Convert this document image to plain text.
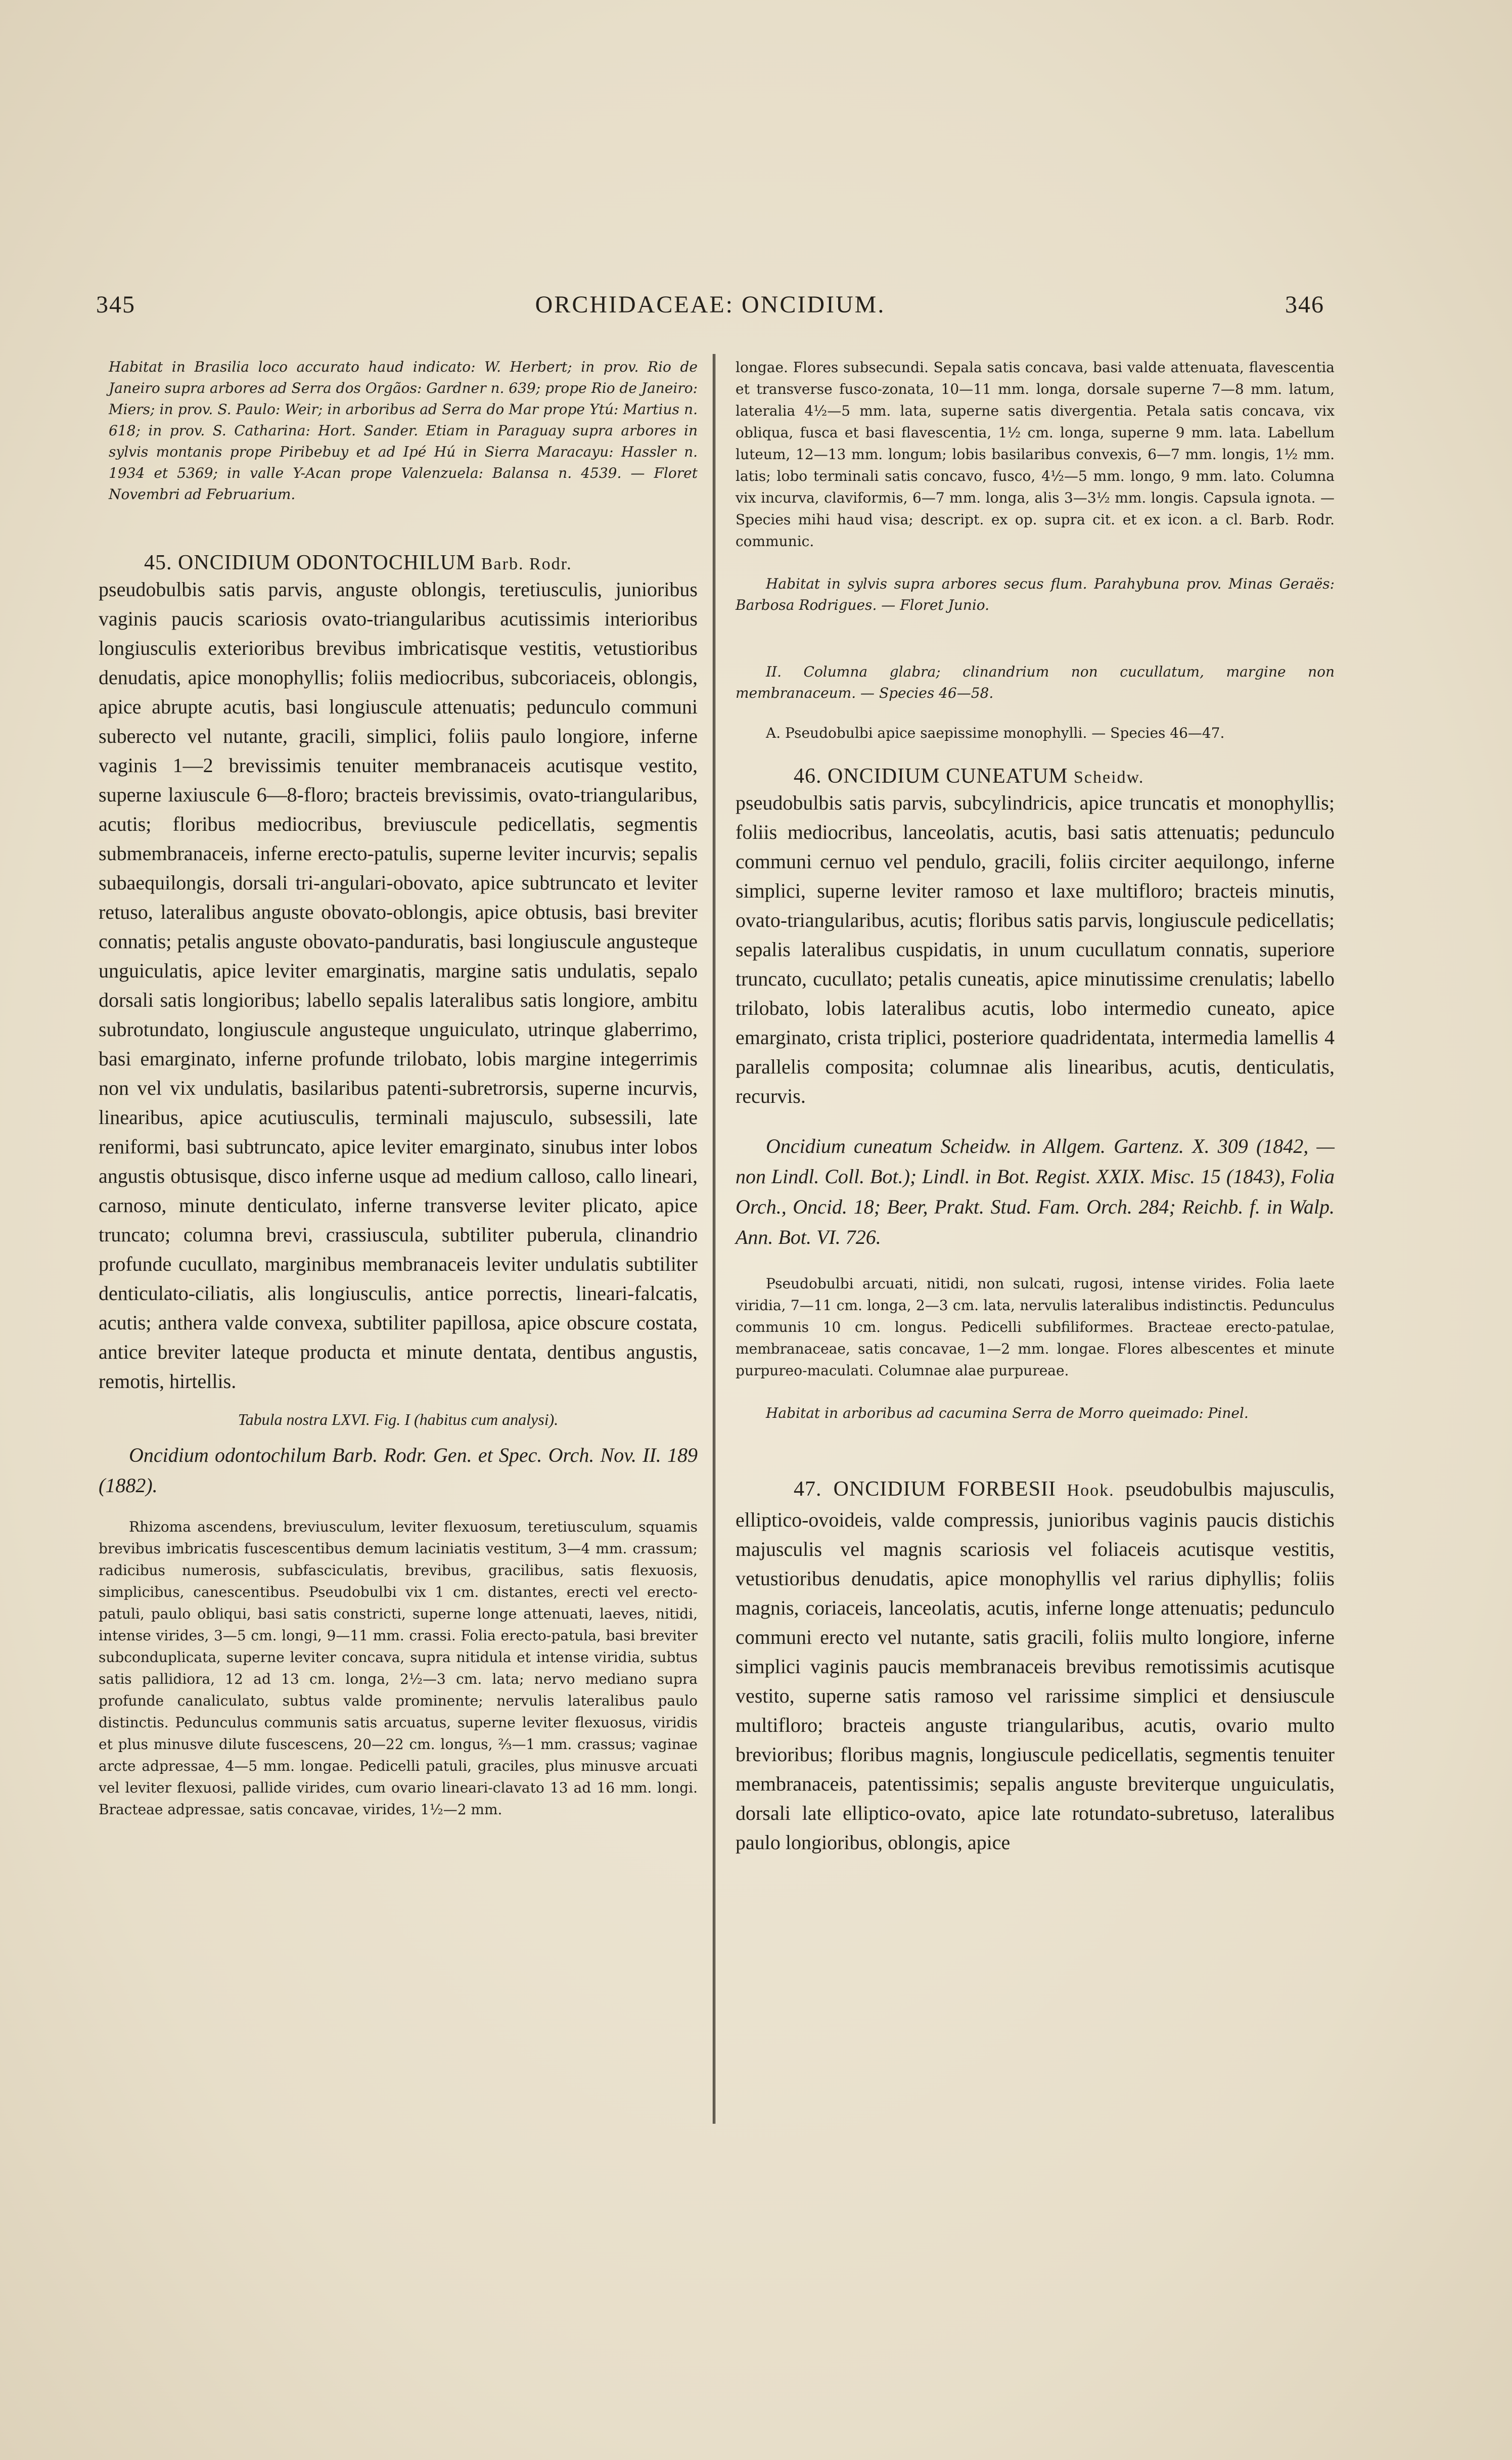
345	ORCHIDACEAE: ONCIDIUM.	346

Habitat in Brasilia loco accurato haud indicato: W. Herbert; in prov. Rio de Janeiro supra arbores ad Serra dos Orgãos: Gardner n. 639; prope Rio de Janeiro: Miers; in prov. S. Paulo: Weir; in arboribus ad Serra do Mar prope Ytú: Martius n. 618; in prov. S. Catharina: Hort. Sander. Etiam in Paraguay supra arbores in sylvis montanis prope Piribebuy et ad Ipé Hú in Sierra Maracayu: Hassler n. 1934 et 5369; in valle Y-Acan prope Valenzuela: Balansa n. 4539. — Floret Novembri ad Februarium.

45. ONCIDIUM ODONTOCHILUM Barb. Rodr.

pseudobulbis satis parvis, anguste oblongis, teretiusculis, junioribus vaginis paucis scariosis ovato-triangularibus acutissimis interioribus longiusculis exterioribus brevibus imbricatisque vestitis, vetustioribus denudatis, apice monophyllis; foliis mediocribus, subcoriaceis, oblongis, apice abrupte acutis, basi longiuscule attenuatis; pedunculo communi suberecto vel nutante, gracili, simplici, foliis paulo longiore, inferne vaginis 1—2 brevissimis tenuiter membranaceis acutisque vestito, superne laxiuscule 6—8-floro; bracteis brevissimis, ovato-triangularibus, acutis; floribus mediocribus, breviuscule pedicellatis, segmentis submembranaceis, inferne erecto-patulis, superne leviter incurvis; sepalis subaequilongis, dorsali tri-angulari-obovato, apice subtruncato et leviter retuso, lateralibus anguste obovato-oblongis, apice obtusis, basi breviter connatis; petalis anguste obovato-panduratis, basi longiuscule angusteque unguiculatis, apice leviter emarginatis, margine satis undulatis, sepalo dorsali satis longioribus; labello sepalis lateralibus satis longiore, ambitu subrotundato, longiuscule angusteque unguiculato, utrinque glaberrimo, basi emarginato, inferne profunde trilobato, lobis margine integerrimis non vel vix undulatis, basilaribus patenti-subretrorsis, superne incurvis, linearibus, apice acutiusculis, terminali majusculo, subsessili, late reniformi, basi subtruncato, apice leviter emarginato, sinubus inter lobos angustis obtusisque, disco inferne usque ad medium calloso, callo lineari, carnoso, minute denticulato, inferne transverse leviter plicato, apice truncato; columna brevi, crassiuscula, subtiliter puberula, clinandrio profunde cucullato, marginibus membranaceis leviter undulatis subtiliter denticulato-ciliatis, alis longiusculis, antice porrectis, lineari-falcatis, acutis; anthera valde convexa, subtiliter papillosa, apice obscure costata, antice breviter lateque producta et minute dentata, dentibus angustis, remotis, hirtellis.

Tabula nostra LXVI. Fig. I (habitus cum analysi).

Oncidium odontochilum Barb. Rodr. Gen. et Spec. Orch. Nov. II. 189 (1882).

Rhizoma ascendens, breviusculum, leviter flexuosum, teretiusculum, squamis brevibus imbricatis fuscescentibus demum laciniatis vestitum, 3—4 mm. crassum; radicibus numerosis, subfasciculatis, brevibus, gracilibus, satis flexuosis, simplicibus, canescentibus. Pseudobulbi vix 1 cm. distantes, erecti vel erecto-patuli, paulo obliqui, basi satis constricti, superne longe attenuati, laeves, nitidi, intense virides, 3—5 cm. longi, 9—11 mm. crassi. Folia erecto-patula, basi breviter subconduplicata, superne leviter concava, supra nitidula et intense viridia, subtus satis pallidiora, 12 ad 13 cm. longa, 2½—3 cm. lata; nervo mediano supra profunde canaliculato, subtus valde prominente; nervulis lateralibus paulo distinctis. Pedunculus communis satis arcuatus, superne leviter flexuosus, viridis et plus minusve dilute fuscescens, 20—22 cm. longus, ⅔—1 mm. crassus; vaginae arcte adpressae, 4—5 mm. longae. Pedicelli patuli, graciles, plus minusve arcuati vel leviter flexuosi, pallide virides, cum ovario lineari-clavato 13 ad 16 mm. longi. Bracteae adpressae, satis concavae, virides, 1½—2 mm.

longae. Flores subsecundi. Sepala satis concava, basi valde attenuata, flavescentia et transverse fusco-zonata, 10—11 mm. longa, dorsale superne 7—8 mm. latum, lateralia 4½—5 mm. lata, superne satis divergentia. Petala satis concava, vix obliqua, fusca et basi flavescentia, 1½ cm. longa, superne 9 mm. lata. Labellum luteum, 12—13 mm. longum; lobis basilaribus convexis, 6—7 mm. longis, 1½ mm. latis; lobo terminali satis concavo, fusco, 4½—5 mm. longo, 9 mm. lato. Columna vix incurva, claviformis, 6—7 mm. longa, alis 3—3½ mm. longis. Capsula ignota. — Species mihi haud visa; descript. ex op. supra cit. et ex icon. a cl. Barb. Rodr. communic.

Habitat in sylvis supra arbores secus flum. Parahybuna prov. Minas Geraës: Barbosa Rodrigues. — Floret Junio.

II. Columna glabra; clinandrium non cucullatum, margine non membranaceum. — Species 46—58.

A. Pseudobulbi apice saepissime monophylli. — Species 46—47.

46. ONCIDIUM CUNEATUM Scheidw.

pseudobulbis satis parvis, subcylindricis, apice truncatis et monophyllis; foliis mediocribus, lanceolatis, acutis, basi satis attenuatis; pedunculo communi cernuo vel pendulo, gracili, foliis circiter aequilongo, inferne simplici, superne leviter ramoso et laxe multifloro; bracteis minutis, ovato-triangularibus, acutis; floribus satis parvis, longiuscule pedicellatis; sepalis lateralibus cuspidatis, in unum cucullatum connatis, superiore truncato, cucullato; petalis cuneatis, apice minutissime crenulatis; labello trilobato, lobis lateralibus acutis, lobo intermedio cuneato, apice emarginato, crista triplici, posteriore quadridentata, intermedia lamellis 4 parallelis composita; columnae alis linearibus, acutis, denticulatis, recurvis.

Oncidium cuneatum Scheidw. in Allgem. Gartenz. X. 309 (1842, — non Lindl. Coll. Bot.); Lindl. in Bot. Regist. XXIX. Misc. 15 (1843), Folia Orch., Oncid. 18; Beer, Prakt. Stud. Fam. Orch. 284; Reichb. f. in Walp. Ann. Bot. VI. 726.

Pseudobulbi arcuati, nitidi, non sulcati, rugosi, intense virides. Folia laete viridia, 7—11 cm. longa, 2—3 cm. lata, nervulis lateralibus indistinctis. Pedunculus communis 10 cm. longus. Pedicelli subfiliformes. Bracteae erecto-patulae, membranaceae, satis concavae, 1—2 mm. longae. Flores albescentes et minute purpureo-maculati. Columnae alae purpureae.

Habitat in arboribus ad cacumina Serra de Morro queimado: Pinel.

47. ONCIDIUM FORBESII Hook. pseudobulbis majusculis, elliptico-ovoideis, valde compressis, junioribus vaginis paucis distichis majusculis vel magnis scariosis vel foliaceis acutisque vestitis, vetustioribus denudatis, apice monophyllis vel rarius diphyllis; foliis magnis, coriaceis, lanceolatis, acutis, inferne longe attenuatis; pedunculo communi erecto vel nutante, satis gracili, foliis multo longiore, inferne simplici vaginis paucis membranaceis brevibus remotissimis acutisque vestito, superne satis ramoso vel rarissime simplici et densiuscule multifloro; bracteis anguste triangularibus, acutis, ovario multo brevioribus; floribus magnis, longiuscule pedicellatis, segmentis tenuiter membranaceis, patentissimis; sepalis anguste breviterque unguiculatis, dorsali late elliptico-ovato, apice late rotundato-subretuso, lateralibus paulo longioribus, oblongis, apice
